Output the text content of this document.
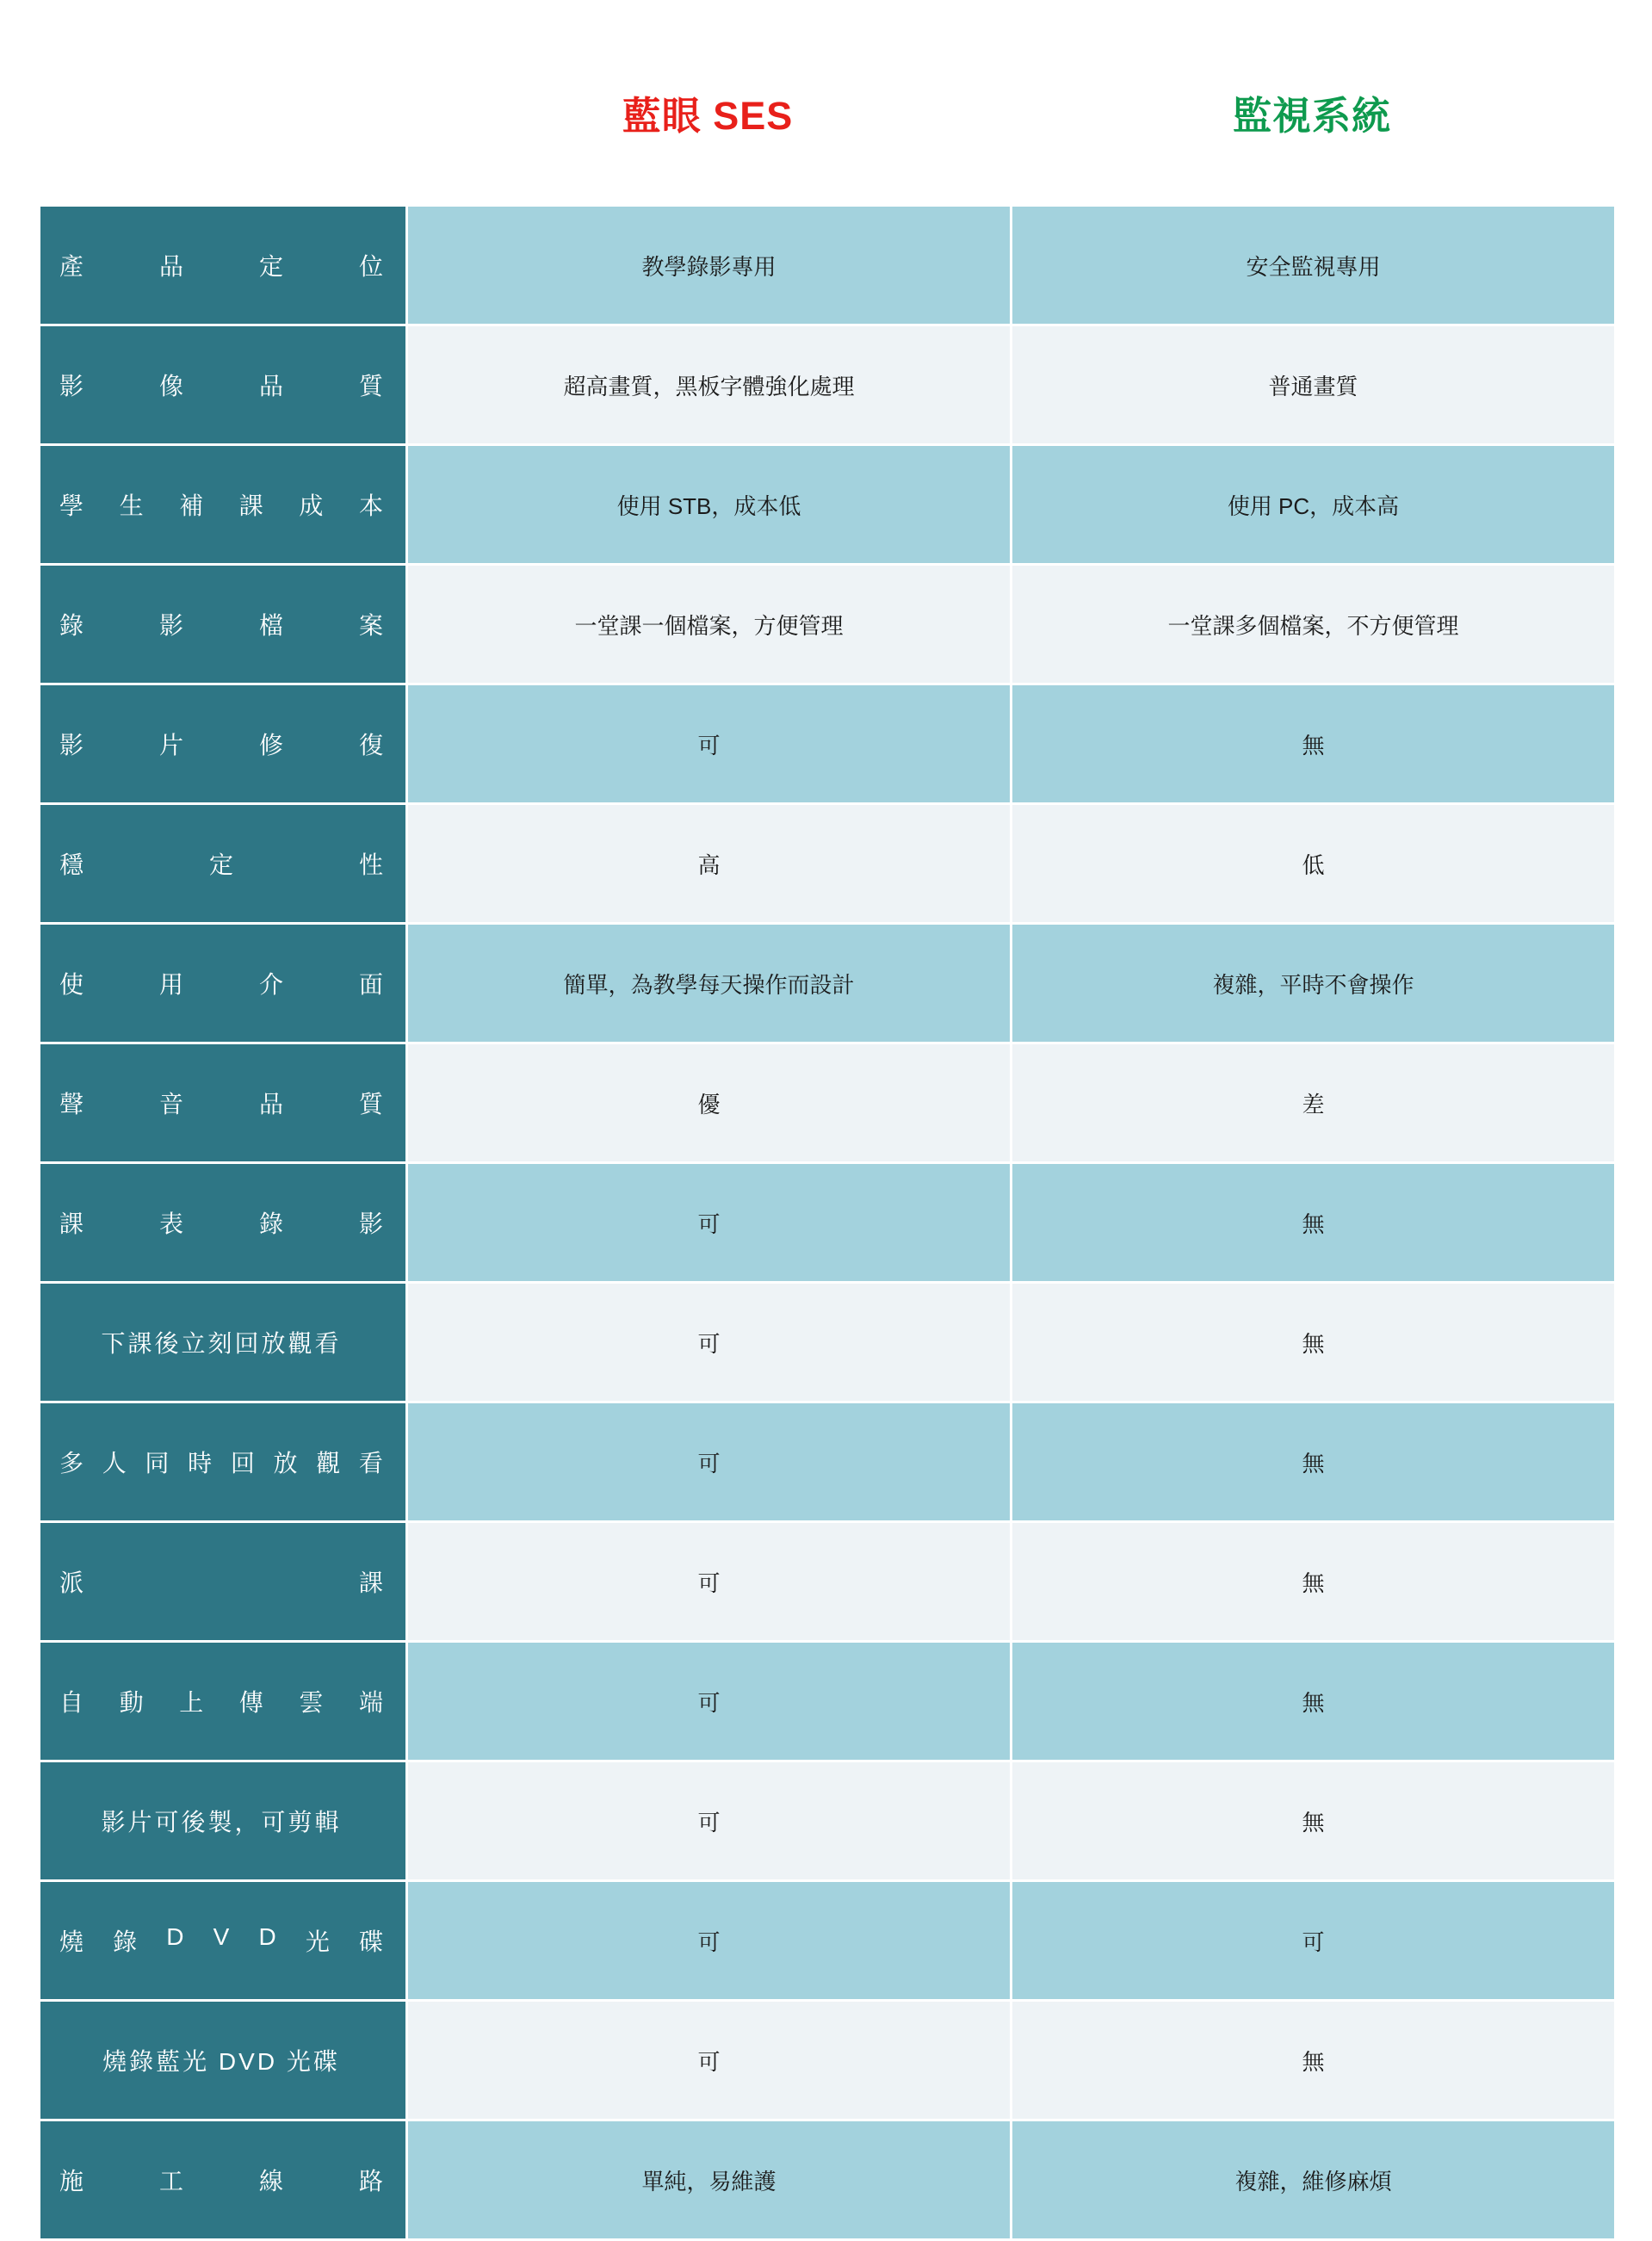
	藍眼 SES	監視系統

產 品 定 位	教學錄影專用	安全監視專用

影 像 品 質	超高畫質，黑板字體強化處理	普通畫質

學 生 補 課 成 本	使用 STB，成本低	使用 PC，成本高

錄 影 檔 案	一堂課一個檔案，方便管理	一堂課多個檔案，不方便管理

影 片 修 復	可	無

穩 定 性	高	低

使 用 介 面	簡單，為教學每天操作而設計	複雜，平時不會操作

聲 音 品 質	優	差

課 表 錄 影	可	無

下課後立刻回放觀看	可	無

多 人 同 時 回 放 觀 看	可	無

派 課	可	無

自 動 上 傳 雲 端	可	無

影片可後製，可剪輯	可	無

燒 錄 D V D 光 碟	可	可

燒錄藍光 DVD 光碟	可	無

施 工 線 路	單純，易維護	複雜，維修麻煩
